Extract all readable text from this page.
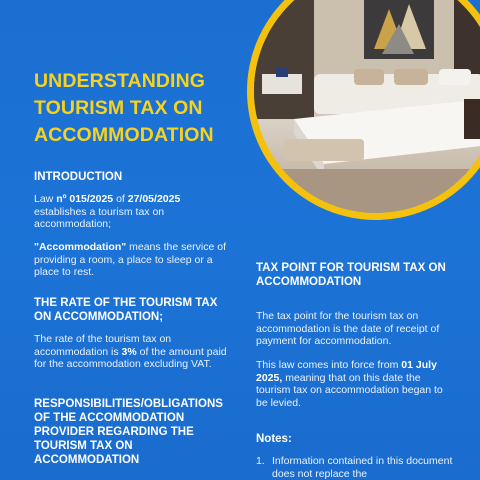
UNDERSTANDING TOURISM TAX ON ACCOMMODATION
INTRODUCTION
Law nº 015/2025 of 27/05/2025 establishes a tourism tax on accommodation;
"Accommodation" means the service of providing a room, a place to sleep or a place to rest.
THE RATE OF THE TOURISM TAX ON ACCOMMODATION;
The rate of the tourism tax on accommodation is 3% of the amount paid for the accommodation excluding VAT.
RESPONSIBILITIES/OBLIGATIONS OF THE ACCOMMODATION PROVIDER REGARDING THE TOURISM TAX ON ACCOMMODATION
TAX POINT FOR TOURISM TAX ON ACCOMMODATION
The tax point for the tourism tax on accommodation is the date of receipt of payment for accommodation.
This law comes into force from 01 July 2025, meaning that on this date the tourism tax on accommodation began to be levied.
Notes:
1. Information contained in this document does not replace the
